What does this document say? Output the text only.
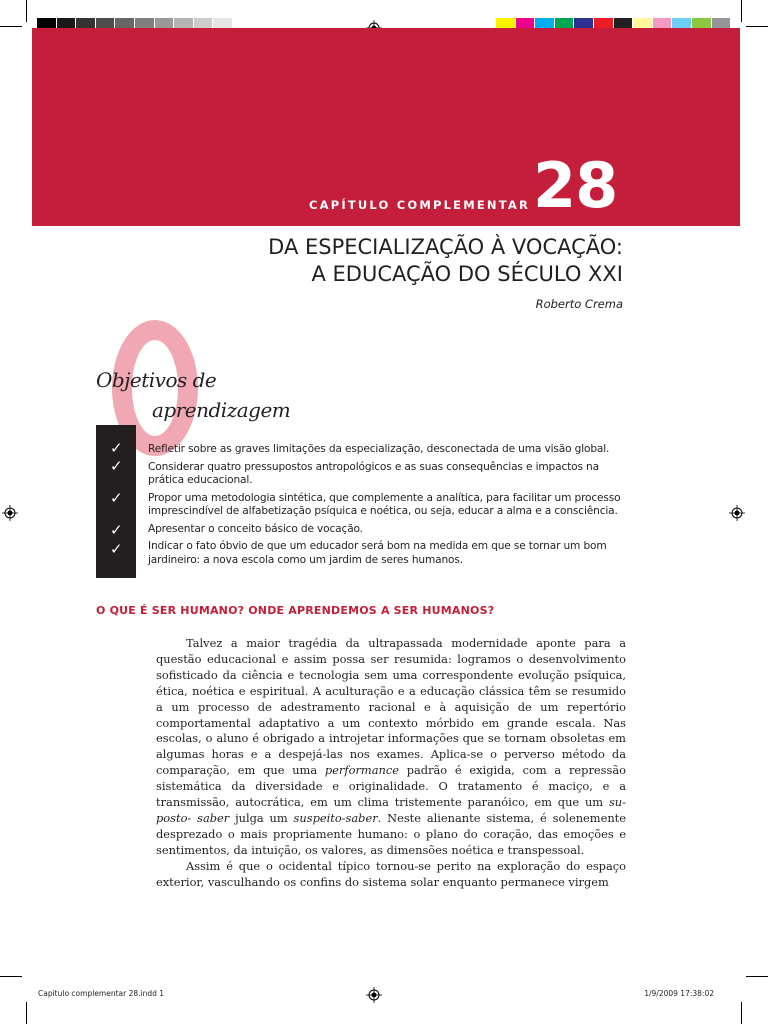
CAPÍTULO COMPLEMENTAR 28
DA ESPECIALIZAÇÃO À VOCAÇÃO:
A EDUCAÇÃO DO SÉCULO XXI
Roberto Crema
Objetivos de
aprendizagem
✓
✓
✓
✓
✓
Refletir sobre as graves limitações da especialização, desconectada de uma visão global.
Considerar quatro pressupostos antropológicos e as suas consequências e impactos na prática educacional.
Propor uma metodologia sintética, que complemente a analítica, para facilitar um processo imprescindível de alfabetização psíquica e noética, ou seja, educar a alma e a consciência.
Apresentar o conceito básico de vocação.
Indicar o fato óbvio de que um educador será bom na medida em que se tornar um bom jardineiro: a nova escola como um jardim de seres humanos.
O QUE É SER HUMANO? ONDE APRENDEMOS A SER HUMANOS?

Talvez a maior tragédia da ultrapassada modernidade aponte para a questão educacional e assim possa ser resumida: logramos o desenvolvimento sofisticado da ciência e tecnologia sem uma correspondente evolução psíquica, ética, noética e espiritual. A aculturação e a educação clássica têm se resumido a um processo de adestramento racional e à aquisição de um repertório comportamental adaptativo a um contexto mórbido em grande escala. Nas escolas, o aluno é obrigado a introjetar informações que se tornam obsoletas em algumas horas e a despejá-las nos exames. Aplica-se o perverso método da comparação, em que uma performance padrão é exigida, com a repressão sistemática da diversidade e originalidade. O tratamento é maciço, e a transmissão, autocrática, em um clima tristemente paranóico, em que um suposto- saber julga um suspeito-saber. Neste alienante sistema, é solenemente desprezado o mais propriamente humano: o plano do coração, das emoções e sentimentos, da intuição, os valores, as dimensões noética e transpessoal.

Assim é que o ocidental típico tornou-se perito na exploração do espaço exterior, vasculhando os confins do sistema solar enquanto permanece virgem

Capitulo complementar 28.indd 1	1/9/2009 17:38:02
